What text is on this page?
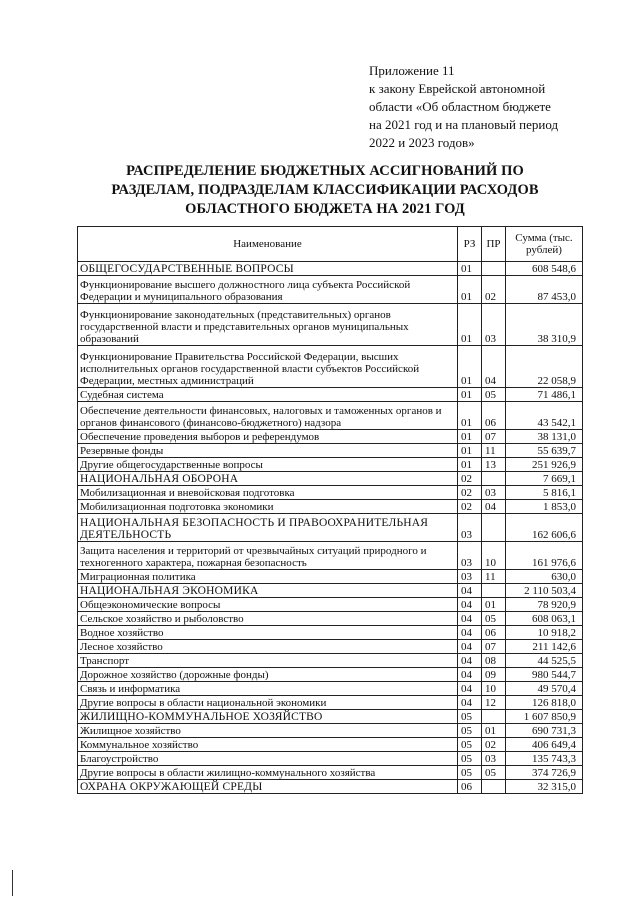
Приложение 11
к закону Еврейской автономной
области «Об областном бюджете
на 2021 год и на плановый период
2022 и 2023 годов»
РАСПРЕДЕЛЕНИЕ БЮДЖЕТНЫХ АССИГНОВАНИЙ ПО
РАЗДЕЛАМ, ПОДРАЗДЕЛАМ КЛАССИФИКАЦИИ РАСХОДОВ
ОБЛАСТНОГО БЮДЖЕТА НА 2021 ГОД
Наименование	РЗ	ПР	Сумма (тыс. рублей)
ОБЩЕГОСУДАРСТВЕННЫЕ ВОПРОСЫ	01		608 548,6
Функционирование высшего должностного лица субъекта Российской Федерации и муниципального образования	01	02	87 453,0
Функционирование законодательных (представительных) органов государственной власти и представительных органов муниципальных образований	01	03	38 310,9
Функционирование Правительства Российской Федерации, высших исполнительных органов государственной власти субъектов Российской Федерации, местных администраций	01	04	22 058,9
Судебная система	01	05	71 486,1
Обеспечение деятельности финансовых, налоговых и таможенных органов и органов финансового (финансово-бюджетного) надзора	01	06	43 542,1
Обеспечение проведения выборов и референдумов	01	07	38 131,0
Резервные фонды	01	11	55 639,7
Другие общегосударственные вопросы	01	13	251 926,9
НАЦИОНАЛЬНАЯ ОБОРОНА	02		7 669,1
Мобилизационная и вневойсковая подготовка	02	03	5 816,1
Мобилизационная подготовка экономики	02	04	1 853,0
НАЦИОНАЛЬНАЯ БЕЗОПАСНОСТЬ И ПРАВООХРАНИТЕЛЬНАЯ ДЕЯТЕЛЬНОСТЬ	03		162 606,6
Защита населения и территорий от чрезвычайных ситуаций природного и техногенного характера, пожарная безопасность	03	10	161 976,6
Миграционная политика	03	11	630,0
НАЦИОНАЛЬНАЯ ЭКОНОМИКА	04		2 110 503,4
Общеэкономические вопросы	04	01	78 920,9
Сельское хозяйство и рыболовство	04	05	608 063,1
Водное хозяйство	04	06	10 918,2
Лесное хозяйство	04	07	211 142,6
Транспорт	04	08	44 525,5
Дорожное хозяйство (дорожные фонды)	04	09	980 544,7
Связь и информатика	04	10	49 570,4
Другие вопросы в области национальной экономики	04	12	126 818,0
ЖИЛИЩНО-КОММУНАЛЬНОЕ ХОЗЯЙСТВО	05		1 607 850,9
Жилищное хозяйство	05	01	690 731,3
Коммунальное хозяйство	05	02	406 649,4
Благоустройство	05	03	135 743,3
Другие вопросы в области жилищно-коммунального хозяйства	05	05	374 726,9
ОХРАНА ОКРУЖАЮЩЕЙ СРЕДЫ	06		32 315,0
